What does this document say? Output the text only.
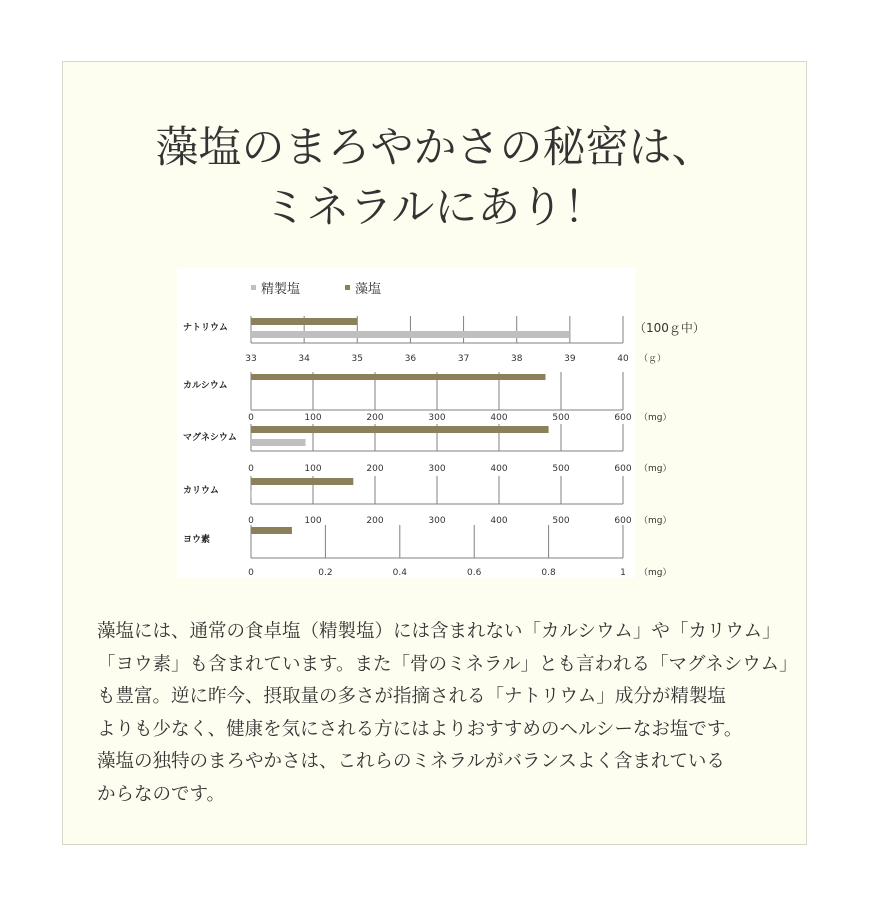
藻塩のまろやかさの秘密は、
ミネラルにあり！
精製塩	藻塩
33	34	35	36	37	38	39	40 （ｇ）
ナトリウム
0	100	200	300	400	500	600 （mg）
カルシウム
0	100	200	300	400	500	600 （mg）
マグネシウム
0	100	200	300	400	500	600 （mg）
カリウム
0	0.2	0.4	0.6	0.8	1 （mg）
ヨウ素
（100ｇ中）
藻塩には、通常の食卓塩（精製塩）には含まれない「カルシウム」や「カリウム」
「ヨウ素」も含まれています。また「骨のミネラル」とも言われる「マグネシウム」
も豊富。逆に昨今、摂取量の多さが指摘される「ナトリウム」成分が精製塩
よりも少なく、健康を気にされる方にはよりおすすめのヘルシーなお塩です。
藻塩の独特のまろやかさは、これらのミネラルがバランスよく含まれている
からなのです。
